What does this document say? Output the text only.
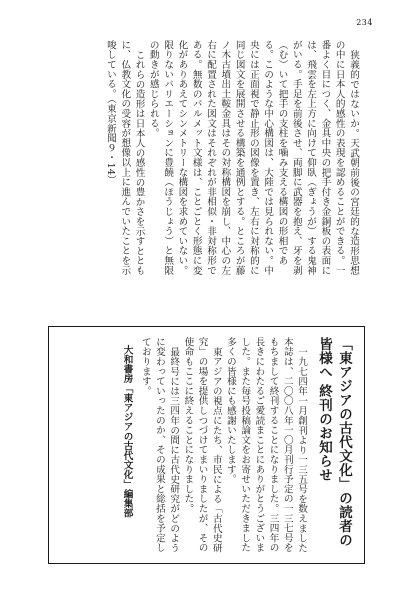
234

狭義的ではないか。天武朝前後の宮廷的な造形思想の中に日本人的感性の表現を認めることができる。一番よく目につく、金具中央の把手付き金銅板の表面には、飛雲を左上方に向けて仰臥（ぎょうが）する鬼神がいる。手足を前後させ、両脚に武器を抱え、牙を剥（む）いて把手の支柱を噛み支える構図の形相である。このような中心構図は、大陸では見られない。中央には正面視で静止形の図像を置き、左右に対称的に同じ図文を展開させる構築を通例とする。ところが藤ノ木古墳出土鞍金具はその対称構図を崩し、中心の左右に配置された図文はそれぞれが非相似・非対称形である。無数のバルメット文様は、ことごとく形態に変化がありあえてシンメトリーな構図を求めていない。限りないバリエーションに豊饒（ほうじょう）と無限の動きが感じられる。

これらの造形は日本人の感性の豊かさを示すとともに、仏教文化の受容が想像以上に進んでいたことを示唆している。（東京新聞９・14）

「東アジアの古代文化」の読者の皆様へ 終刊のお知らせ

一九七四年一月創刊より一三五号を数えました本誌は、二〇〇八年一〇月刊行予定の一三七号をもちまして終刊することになりました。三四年の長きにわたるご愛読まことにありがとうございました。また毎号投稿論文をお寄せいただきました多くの皆様にも感謝いたします。

東アジアの視点にたち、市民による「古代史研究」の場を提供しつづけてまいりましたが、その使命もここに終えることになりました。

最終号には三四年の間に古代史研究がどのように変わっていったのか、その成果と総括を予定しております。

大和書房「東アジアの古代文化」編集部
